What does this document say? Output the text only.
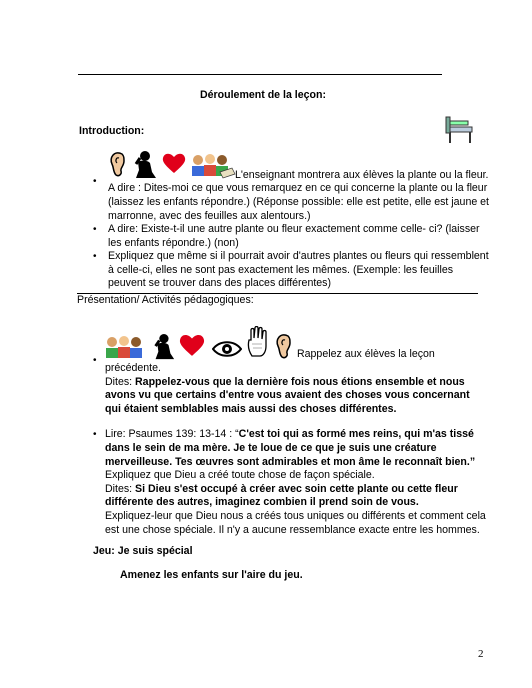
Déroulement de la leçon:
Introduction:
•
L'enseignant montrera aux élèves la plante ou la fleur.
A dire : Dites-moi ce que vous remarquez en ce qui concerne la plante ou la fleur
(laissez les enfants répondre.) (Réponse possible: elle est petite, elle est jaune et
marronne, avec des feuilles aux alentours.)
• A dire: Existe-t-il une autre plante ou fleur exactement comme celle- ci? (laisser
les enfants répondre.) (non)
• Expliquez que même si il pourrait avoir d'autres plantes ou fleurs qui ressemblent
à celle-ci, elles ne sont pas exactement les mêmes. (Exemple: les feuilles
peuvent se trouver dans des places différentes)
Présentation/ Activités pédagogiques:
•
Rappelez aux élèves la leçon
précédente.
Dites: Rappelez-vous que la dernière fois nous étions ensemble et nous
avons vu que certains d'entre vous avaient des choses vous concernant
qui étaient semblables mais aussi des choses différentes.
• Lire: Psaumes 139: 13-14 : “C'est toi qui as formé mes reins, qui m'as tissé
dans le sein de ma mère. Je te loue de ce que je suis une créature
merveilleuse. Tes œuvres sont admirables et mon âme le reconnaît bien.”
Expliquez que Dieu a créé toute chose de façon spéciale.
Dites: Si Dieu s'est occupé à créer avec soin cette plante ou cette fleur
différente des autres, imaginez combien il prend soin de vous.
Expliquez-leur que Dieu nous a créés tous uniques ou différents et comment cela
est une chose spéciale. Il n'y a aucune ressemblance exacte entre les hommes.
Jeu: Je suis spécial
Amenez les enfants sur l'aire du jeu.
2
